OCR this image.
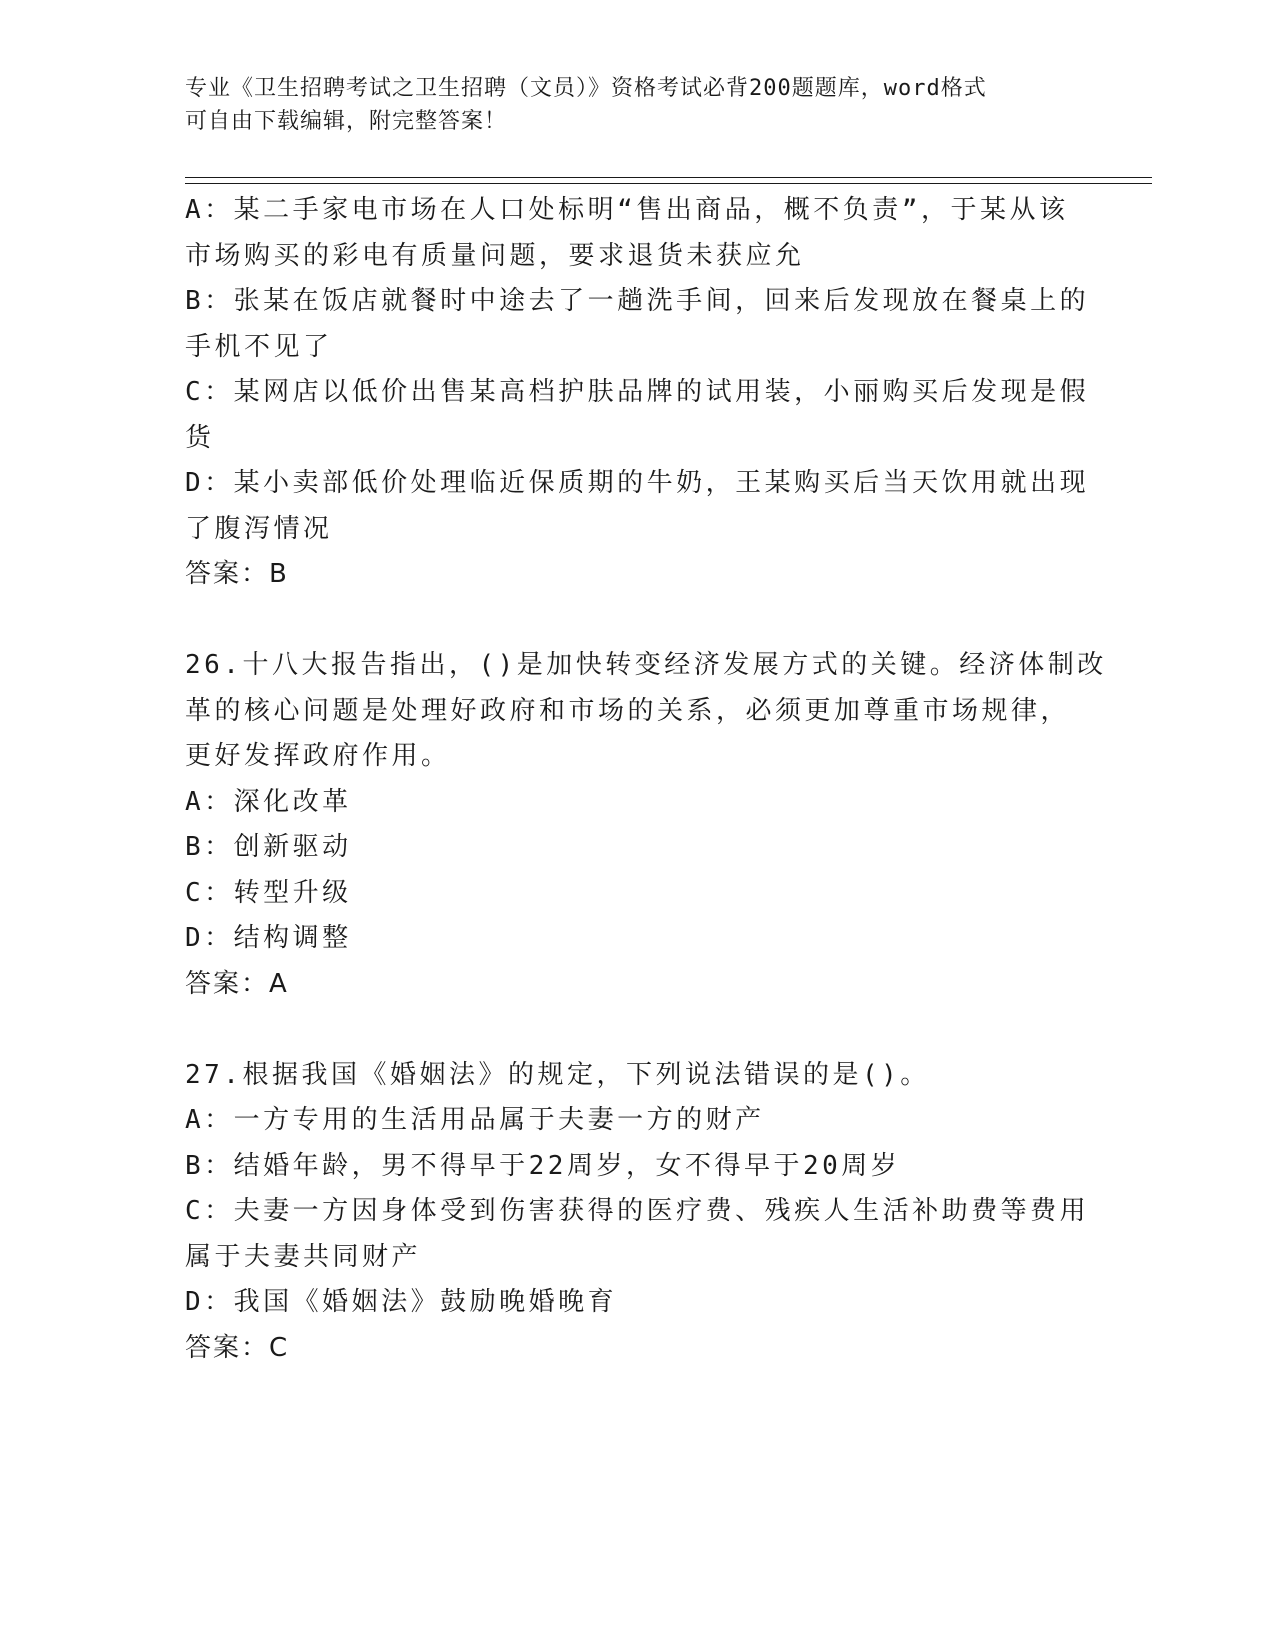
专业《卫生招聘考试之卫生招聘（文员）》资格考试必背200题题库，word格式
可自由下载编辑，附完整答案！
A：某二手家电市场在人口处标明“售出商品，概不负责”，于某从该
市场购买的彩电有质量问题，要求退货未获应允
B：张某在饭店就餐时中途去了一趟洗手间，回来后发现放在餐桌上的
手机不见了
C：某网店以低价出售某高档护肤品牌的试用装，小丽购买后发现是假
货
D：某小卖部低价处理临近保质期的牛奶，王某购买后当天饮用就出现
了腹泻情况
答案：B
26.十八大报告指出，()是加快转变经济发展方式的关键。经济体制改
革的核心问题是处理好政府和市场的关系，必须更加尊重市场规律，
更好发挥政府作用。
A：深化改革
B：创新驱动
C：转型升级
D：结构调整
答案：A
27.根据我国《婚姻法》的规定，下列说法错误的是()。
A：一方专用的生活用品属于夫妻一方的财产
B：结婚年龄，男不得早于22周岁，女不得早于20周岁
C：夫妻一方因身体受到伤害获得的医疗费、残疾人生活补助费等费用
属于夫妻共同财产
D：我国《婚姻法》鼓励晚婚晚育
答案：C
